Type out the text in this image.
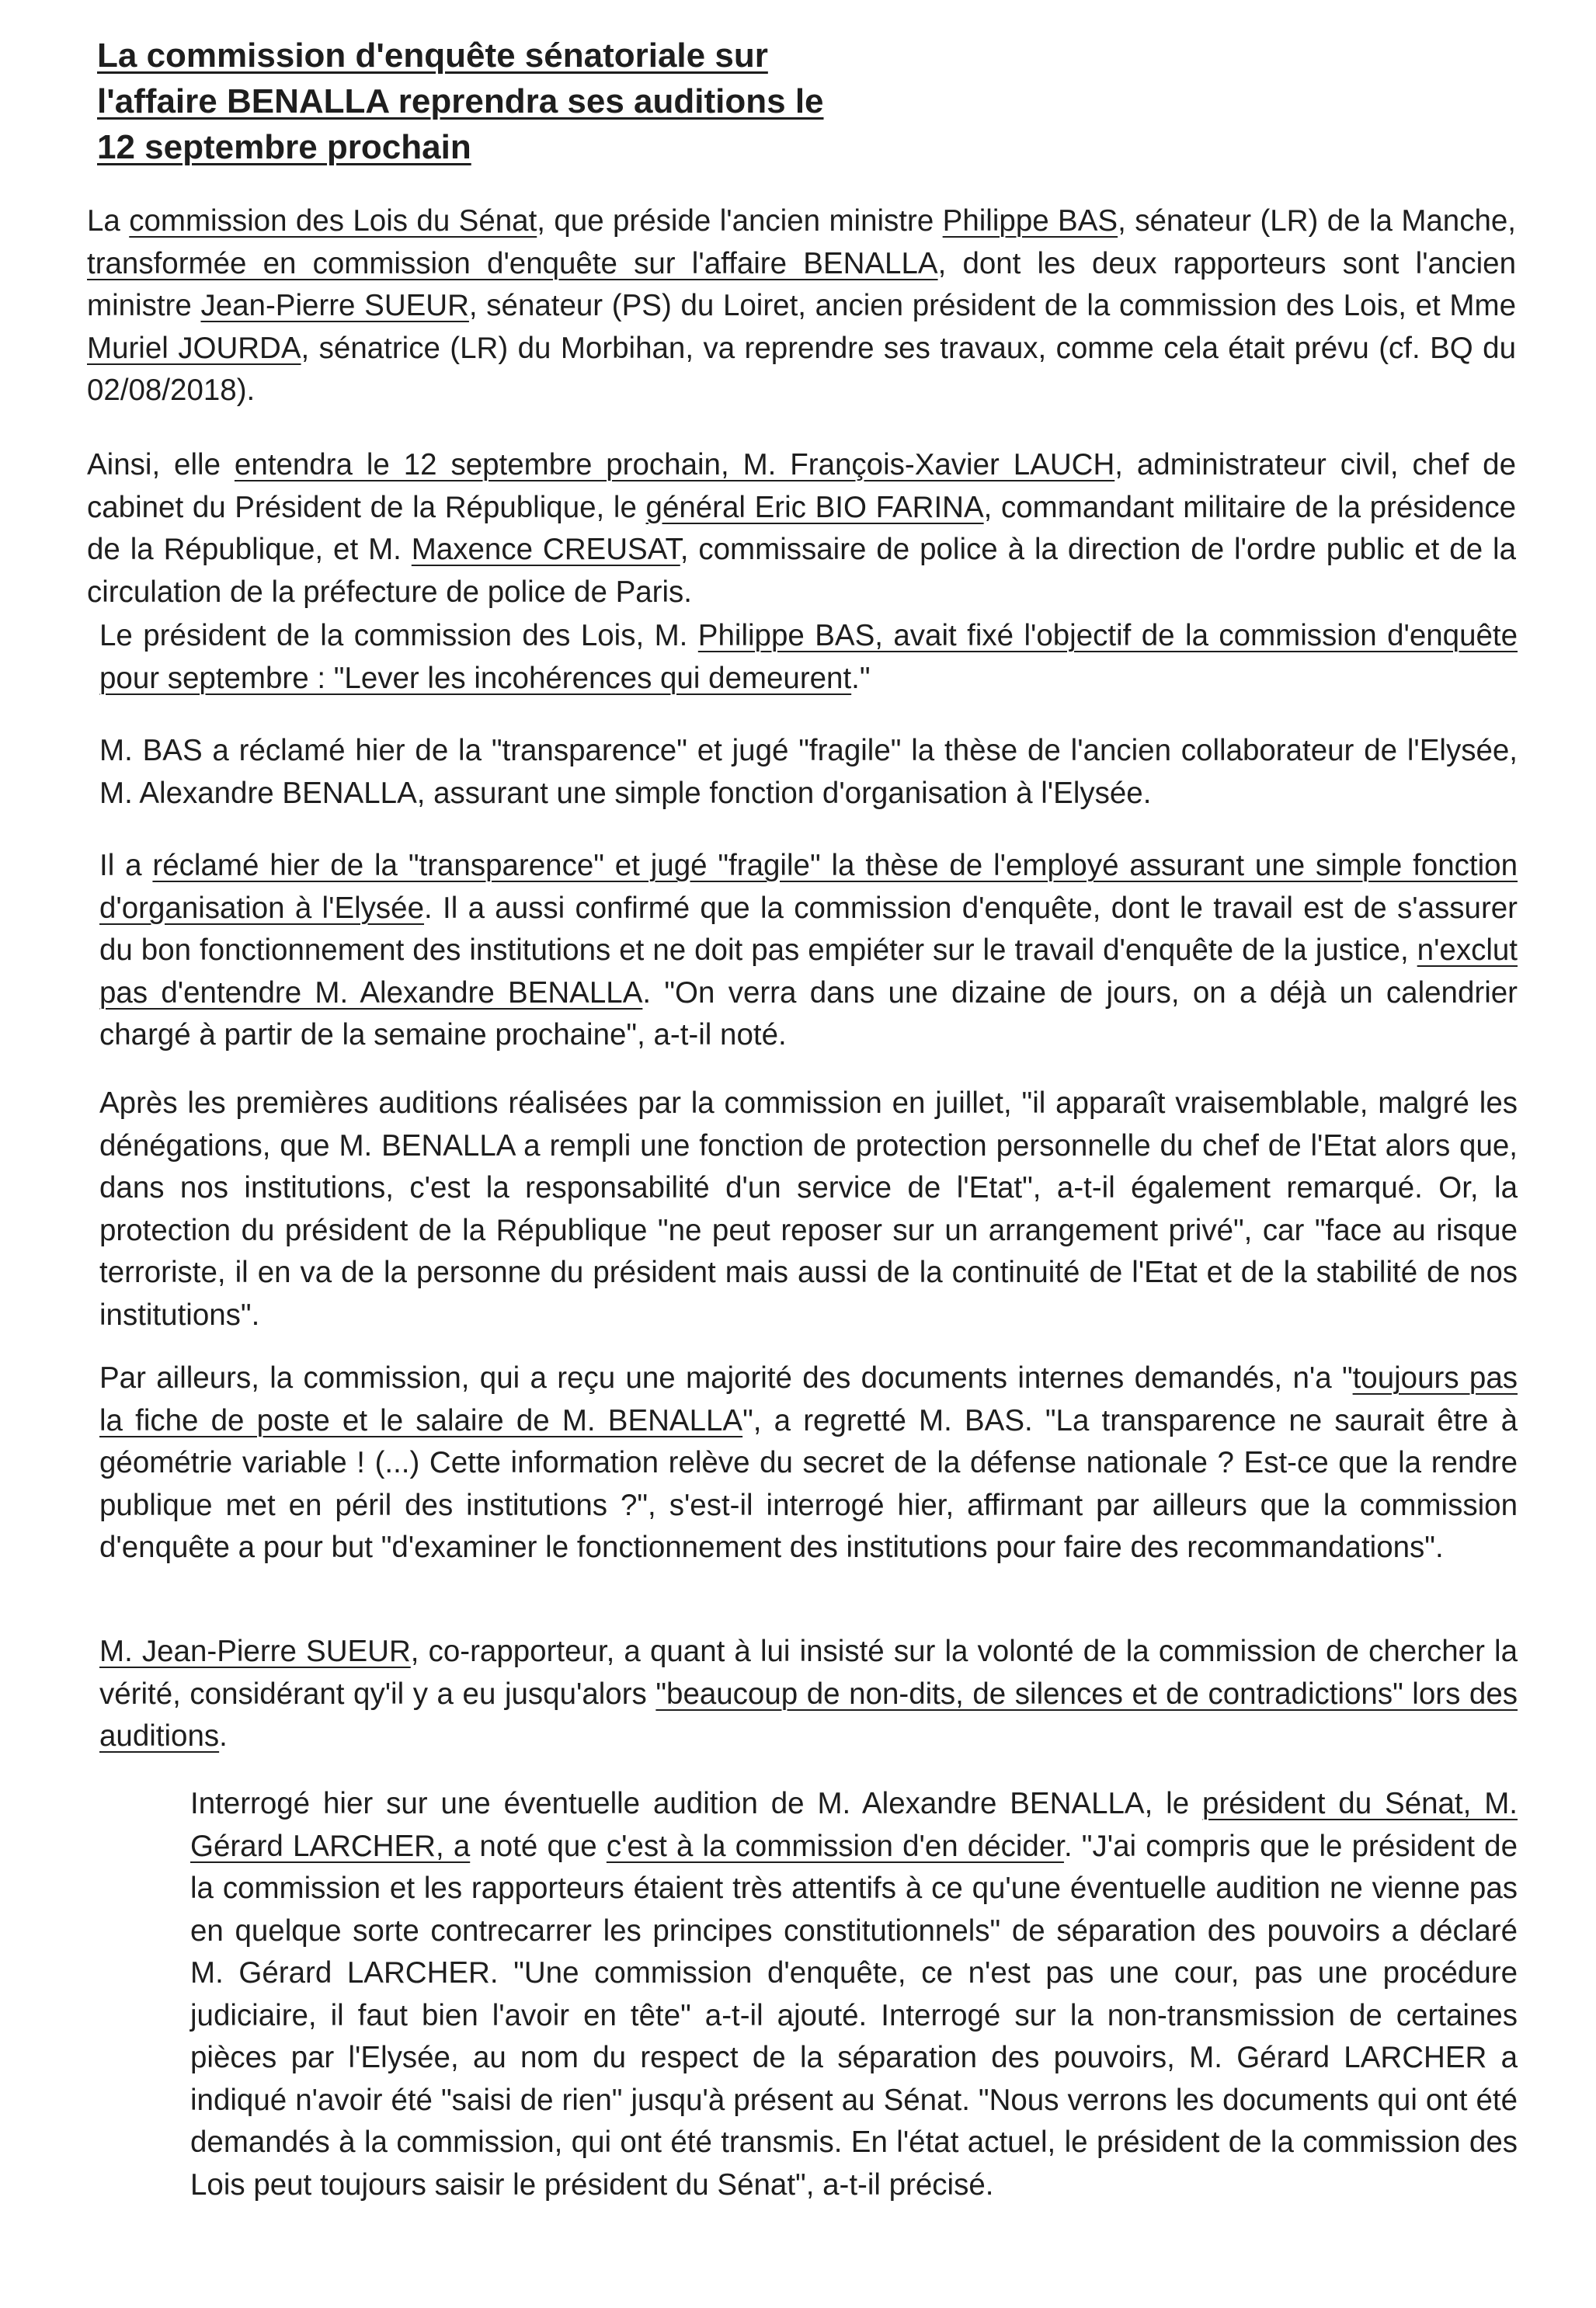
La commission d'enquête sénatoriale sur
l'affaire BENALLA reprendra ses auditions le
12 septembre prochain

La commission des Lois du Sénat, que préside l'ancien ministre Philippe BAS, sénateur (LR) de la Manche, transformée en commission d'enquête sur l'affaire BENALLA, dont les deux rapporteurs sont l'ancien ministre Jean-Pierre SUEUR, sénateur (PS) du Loiret, ancien président de la commission des Lois, et Mme Muriel JOURDA, sénatrice (LR) du Morbihan, va reprendre ses travaux, comme cela était prévu (cf. BQ du 02/08/2018).

Ainsi, elle entendra le 12 septembre prochain, M. François-Xavier LAUCH, administrateur civil, chef de cabinet du Président de la République, le général Eric BIO FARINA, commandant militaire de la présidence de la République, et M. Maxence CREUSAT, commissaire de police à la direction de l'ordre public et de la circulation de la préfecture de police de Paris.

Le président de la commission des Lois, M. Philippe BAS, avait fixé l'objectif de la commission d'enquête pour septembre : "Lever les incohérences qui demeurent."

M. BAS a réclamé hier de la "transparence" et jugé "fragile" la thèse de l'ancien collaborateur de l'Elysée, M. Alexandre BENALLA, assurant une simple fonction d'organisation à l'Elysée.

Il a réclamé hier de la "transparence" et jugé "fragile" la thèse de l'employé assurant une simple fonction d'organisation à l'Elysée. Il a aussi confirmé que la commission d'enquête, dont le travail est de s'assurer du bon fonctionnement des institutions et ne doit pas empiéter sur le travail d'enquête de la justice, n'exclut pas d'entendre M. Alexandre BENALLA. "On verra dans une dizaine de jours, on a déjà un calendrier chargé à partir de la semaine prochaine", a-t-il noté.

Après les premières auditions réalisées par la commission en juillet, "il apparaît vraisemblable, malgré les dénégations, que M. BENALLA a rempli une fonction de protection personnelle du chef de l'Etat alors que, dans nos institutions, c'est la responsabilité d'un service de l'Etat", a-t-il également remarqué. Or, la protection du président de la République "ne peut reposer sur un arrangement privé", car "face au risque terroriste, il en va de la personne du président mais aussi de la continuité de l'Etat et de la stabilité de nos institutions".

Par ailleurs, la commission, qui a reçu une majorité des documents internes demandés, n'a "toujours pas la fiche de poste et le salaire de M. BENALLA", a regretté M. BAS. "La transparence ne saurait être à géométrie variable ! (...) Cette information relève du secret de la défense nationale ? Est-ce que la rendre publique met en péril des institutions ?", s'est-il interrogé hier, affirmant par ailleurs que la commission d'enquête a pour but "d'examiner le fonctionnement des institutions pour faire des recommandations".

M. Jean-Pierre SUEUR, co-rapporteur, a quant à lui insisté sur la volonté de la commission de chercher la vérité, considérant qy'il y a eu jusqu'alors "beaucoup de non-dits, de silences et de contradictions" lors des auditions.

Interrogé hier sur une éventuelle audition de M. Alexandre BENALLA, le président du Sénat, M. Gérard LARCHER, a noté que c'est à la commission d'en décider. "J'ai compris que le président de la commission et les rapporteurs étaient très attentifs à ce qu'une éventuelle audition ne vienne pas en quelque sorte contrecarrer les principes constitutionnels" de séparation des pouvoirs a déclaré M. Gérard LARCHER. "Une commission d'enquête, ce n'est pas une cour, pas une procédure judiciaire, il faut bien l'avoir en tête" a-t-il ajouté. Interrogé sur la non-transmission de certaines pièces par l'Elysée, au nom du respect de la séparation des pouvoirs, M. Gérard LARCHER a indiqué n'avoir été "saisi de rien" jusqu'à présent au Sénat. "Nous verrons les documents qui ont été demandés à la commission, qui ont été transmis. En l'état actuel, le président de la commission des Lois peut toujours saisir le président du Sénat", a-t-il précisé.
